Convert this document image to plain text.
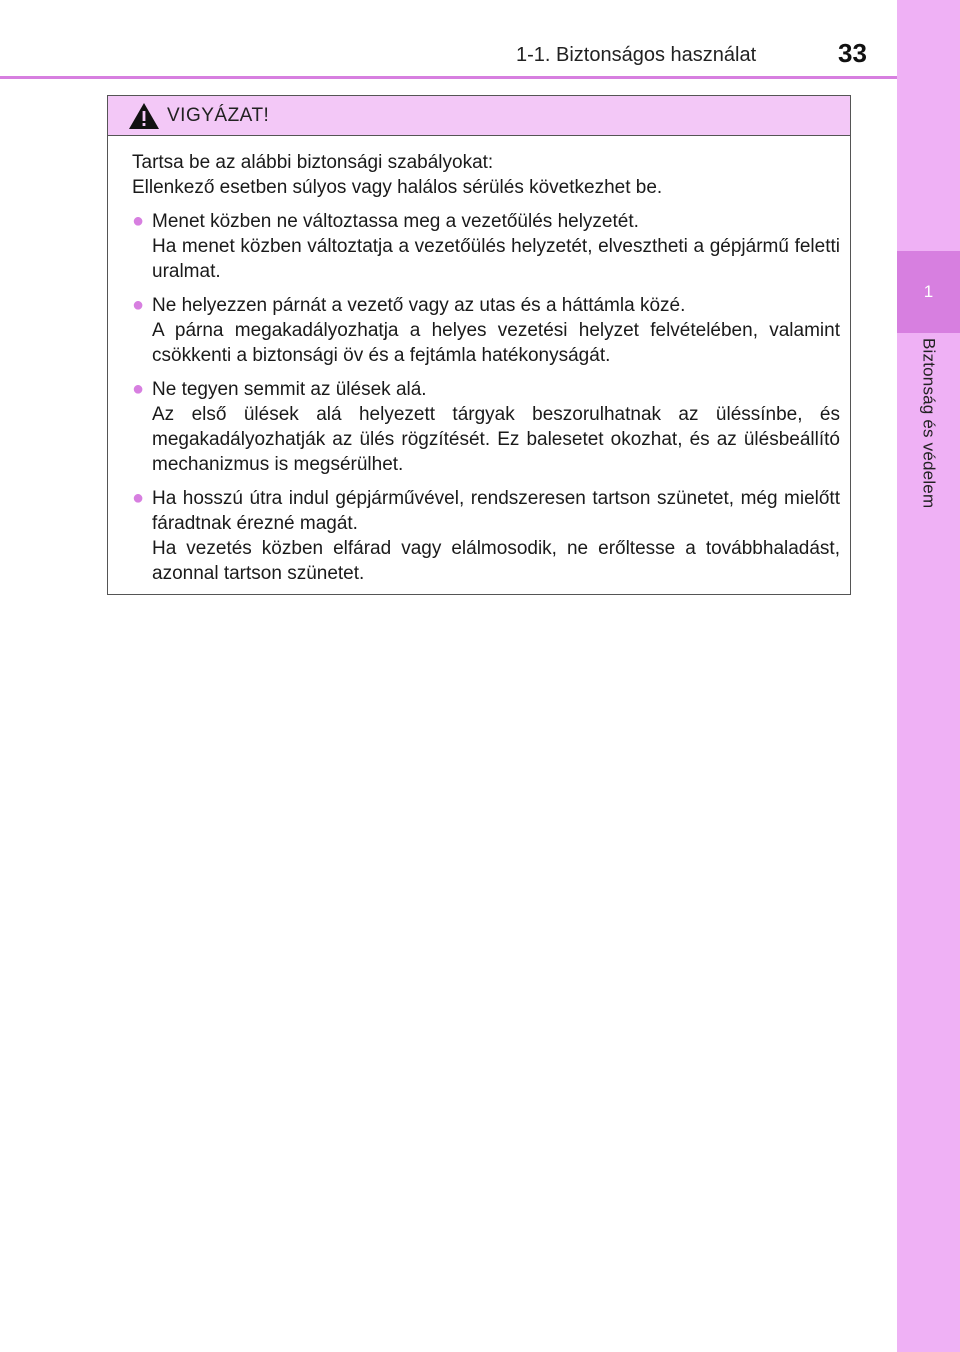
1
Biztonság és védelem
1-1. Biztonságos használat	33
VIGYÁZAT!

Tartsa be az alábbi biztonsági szabályokat:

Ellenkező esetben súlyos vagy halálos sérülés következhet be.

● Menet közben ne változtassa meg a vezetőülés helyzetét.

Ha menet közben változtatja a vezetőülés helyzetét, elvesztheti a gépjármű feletti uralmat.

● Ne helyezzen párnát a vezető vagy az utas és a háttámla közé.

A párna megakadályozhatja a helyes vezetési helyzet felvételében, valamint csökkenti a biztonsági öv és a fejtámla hatékonyságát.

● Ne tegyen semmit az ülések alá.

Az első ülések alá helyezett tárgyak beszorulhatnak az üléssínbe, és megakadályozhatják az ülés rögzítését. Ez balesetet okozhat, és az ülésbeállító mechanizmus is megsérülhet.

● Ha hosszú útra indul gépjárművével, rendszeresen tartson szünetet, még mielőtt fáradtnak érezné magát.

Ha vezetés közben elfárad vagy elálmosodik, ne erőltesse a továbbhaladást, azonnal tartson szünetet.
